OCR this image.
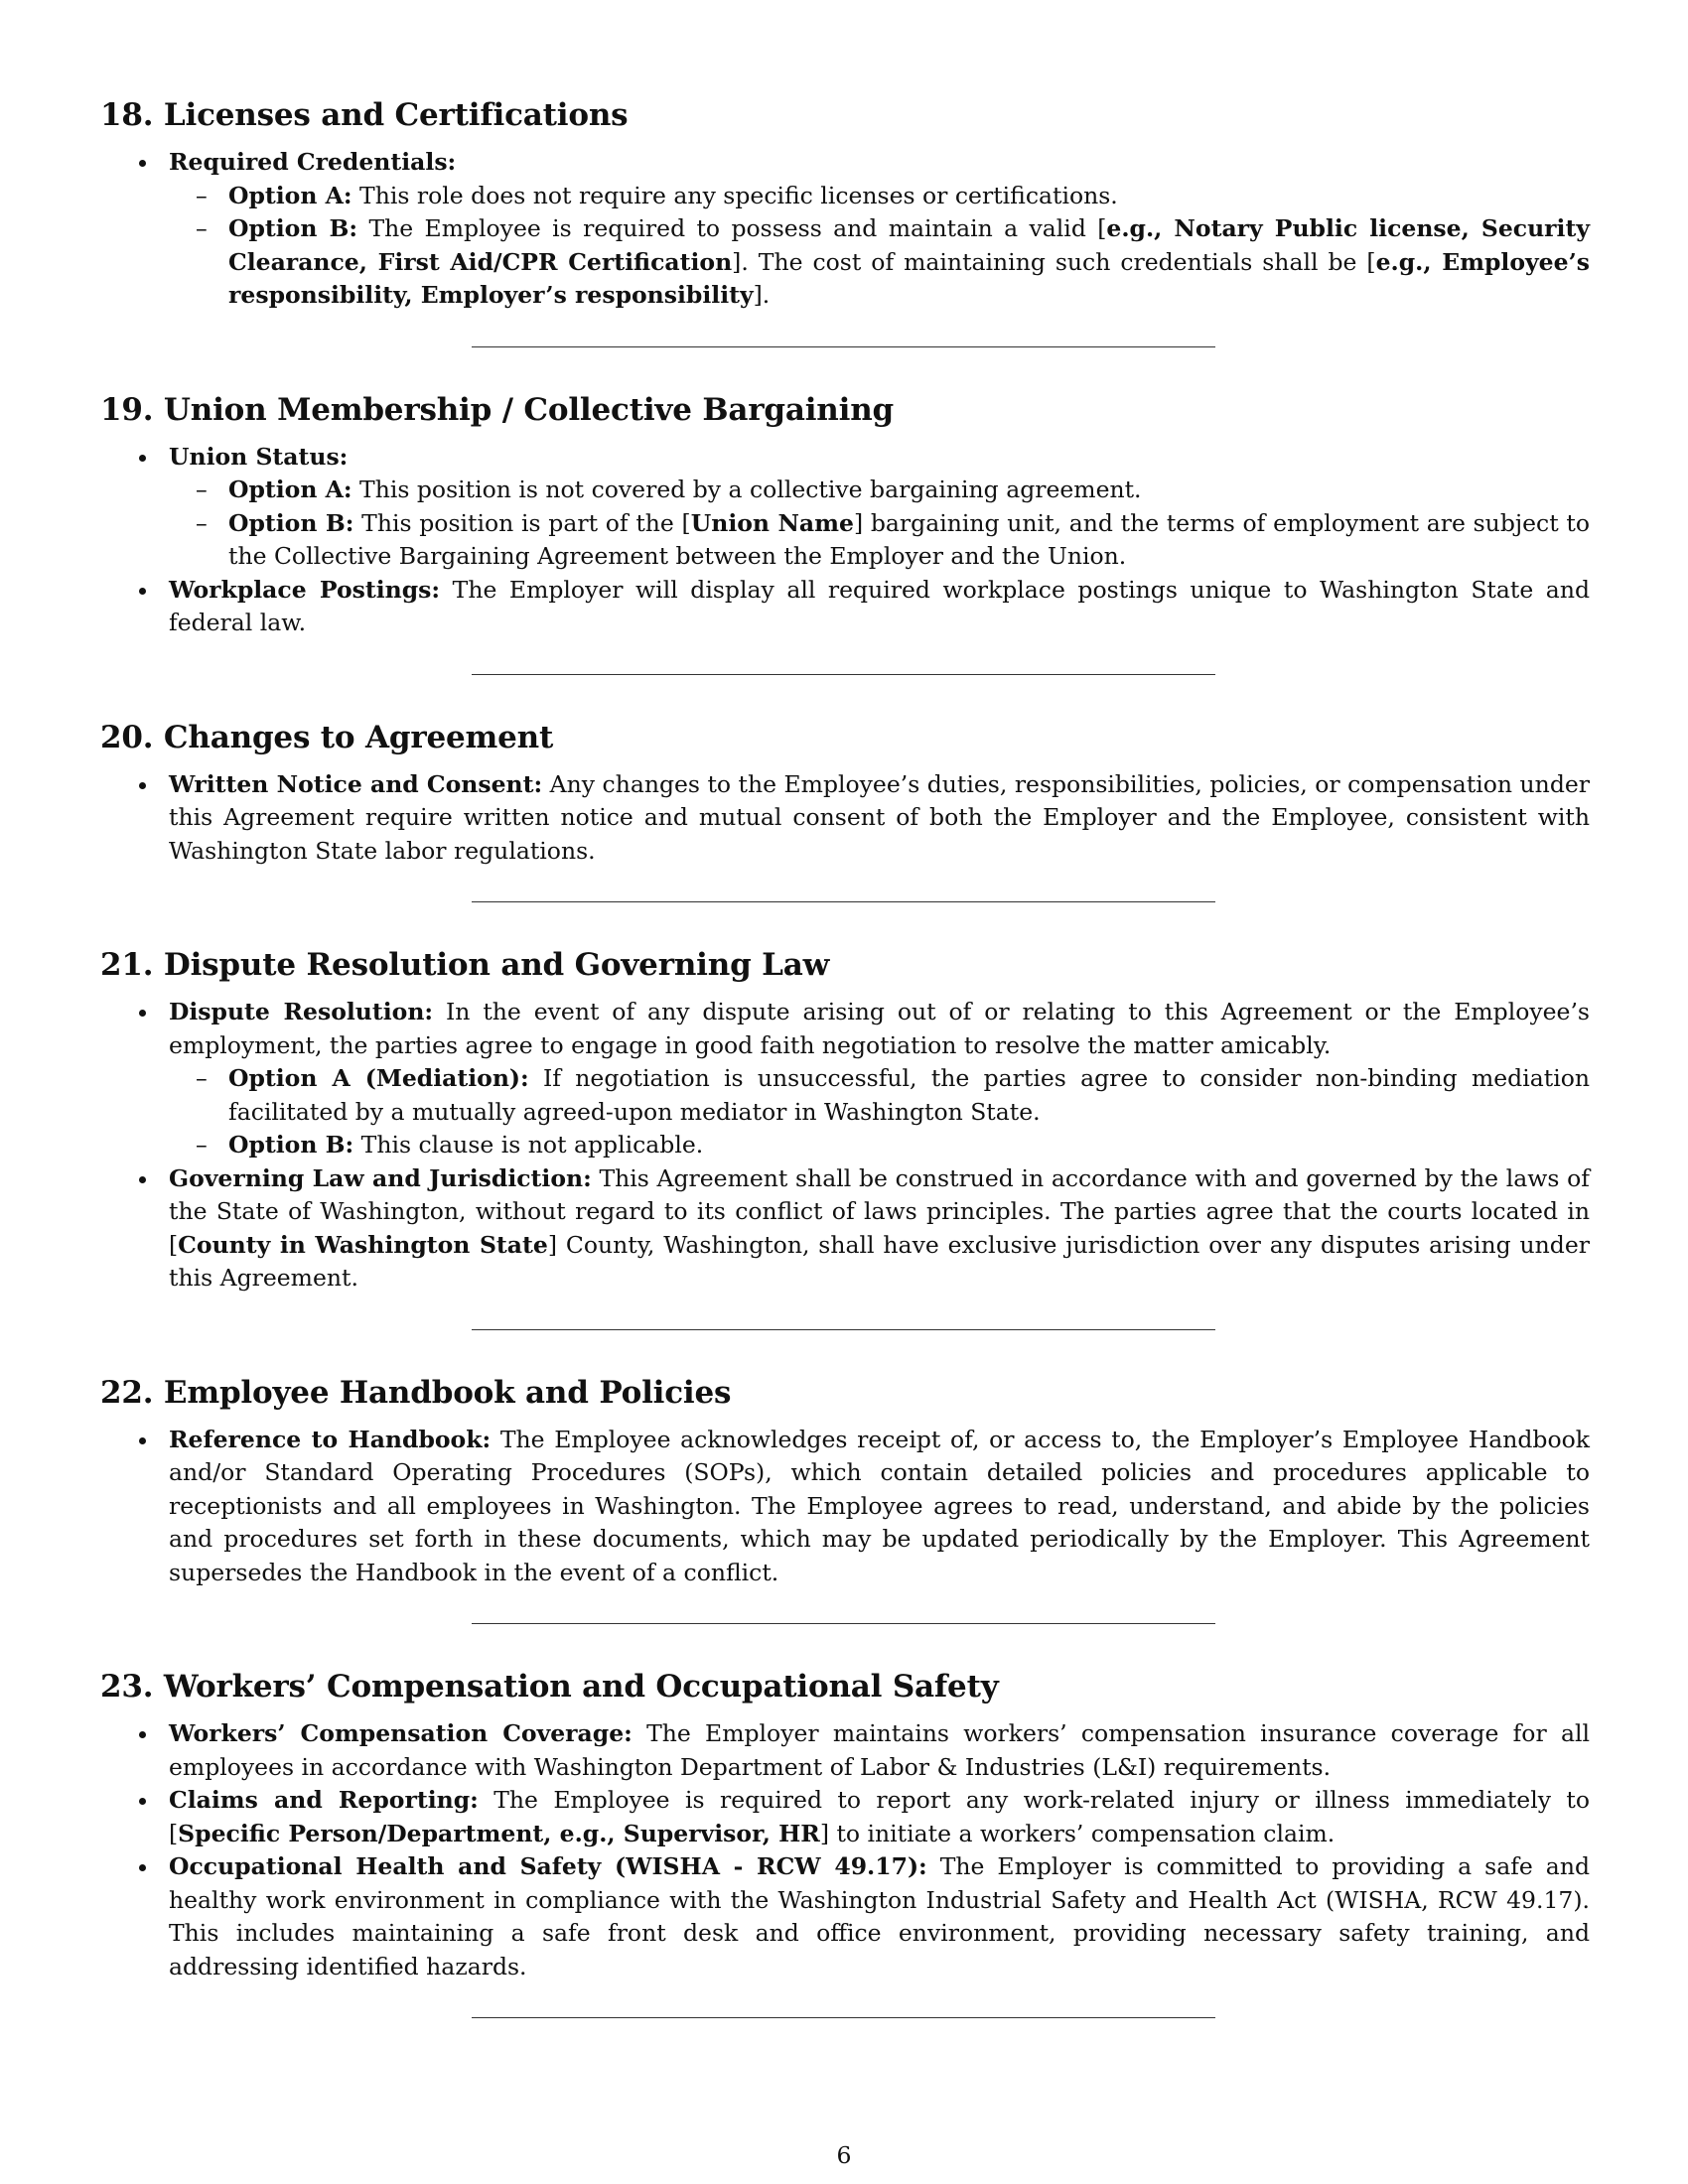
18. Licenses and Certifications
Required Credentials:
– Option A: This role does not require any specific licenses or certifications.
– Option B: The Employee is required to possess and maintain a valid [e.g., Notary Public license, Security Clearance, First Aid/CPR Certification]. The cost of maintaining such credentials shall be [e.g., Employee’s responsibility, Employer’s responsibility].
19. Union Membership / Collective Bargaining
Union Status:
– Option A: This position is not covered by a collective bargaining agreement.
– Option B: This position is part of the [Union Name] bargaining unit, and the terms of employment are subject to the Collective Bargaining Agreement between the Employer and the Union.
Workplace Postings: The Employer will display all required workplace postings unique to Washington State and federal law.
20. Changes to Agreement
Written Notice and Consent: Any changes to the Employee’s duties, responsibilities, policies, or compensation under this Agreement require written notice and mutual consent of both the Employer and the Employee, consistent with Washington State labor regulations.
21. Dispute Resolution and Governing Law
Dispute Resolution: In the event of any dispute arising out of or relating to this Agreement or the Employee’s employment, the parties agree to engage in good faith negotiation to resolve the matter amicably.
– Option A (Mediation): If negotiation is unsuccessful, the parties agree to consider non-binding mediation facilitated by a mutually agreed-upon mediator in Washington State.
– Option B: This clause is not applicable.
Governing Law and Jurisdiction: This Agreement shall be construed in accordance with and governed by the laws of the State of Washington, without regard to its conflict of laws principles. The parties agree that the courts located in [County in Washington State] County, Washington, shall have exclusive jurisdiction over any disputes arising under this Agreement.
22. Employee Handbook and Policies
Reference to Handbook: The Employee acknowledges receipt of, or access to, the Employer’s Employee Handbook and/or Standard Operating Procedures (SOPs), which contain detailed policies and procedures applicable to receptionists and all employees in Washington. The Employee agrees to read, understand, and abide by the policies and procedures set forth in these documents, which may be updated periodically by the Employer. This Agreement supersedes the Handbook in the event of a conflict.
23. Workers’ Compensation and Occupational Safety
Workers’ Compensation Coverage: The Employer maintains workers’ compensation insurance coverage for all employees in accordance with Washington Department of Labor & Industries (L&I) requirements.
Claims and Reporting: The Employee is required to report any work-related injury or illness immediately to [Specific Person/Department, e.g., Supervisor, HR] to initiate a workers’ compensation claim.
Occupational Health and Safety (WISHA - RCW 49.17): The Employer is committed to providing a safe and healthy work environment in compliance with the Washington Industrial Safety and Health Act (WISHA, RCW 49.17). This includes maintaining a safe front desk and office environment, providing necessary safety training, and addressing identified hazards.
6
